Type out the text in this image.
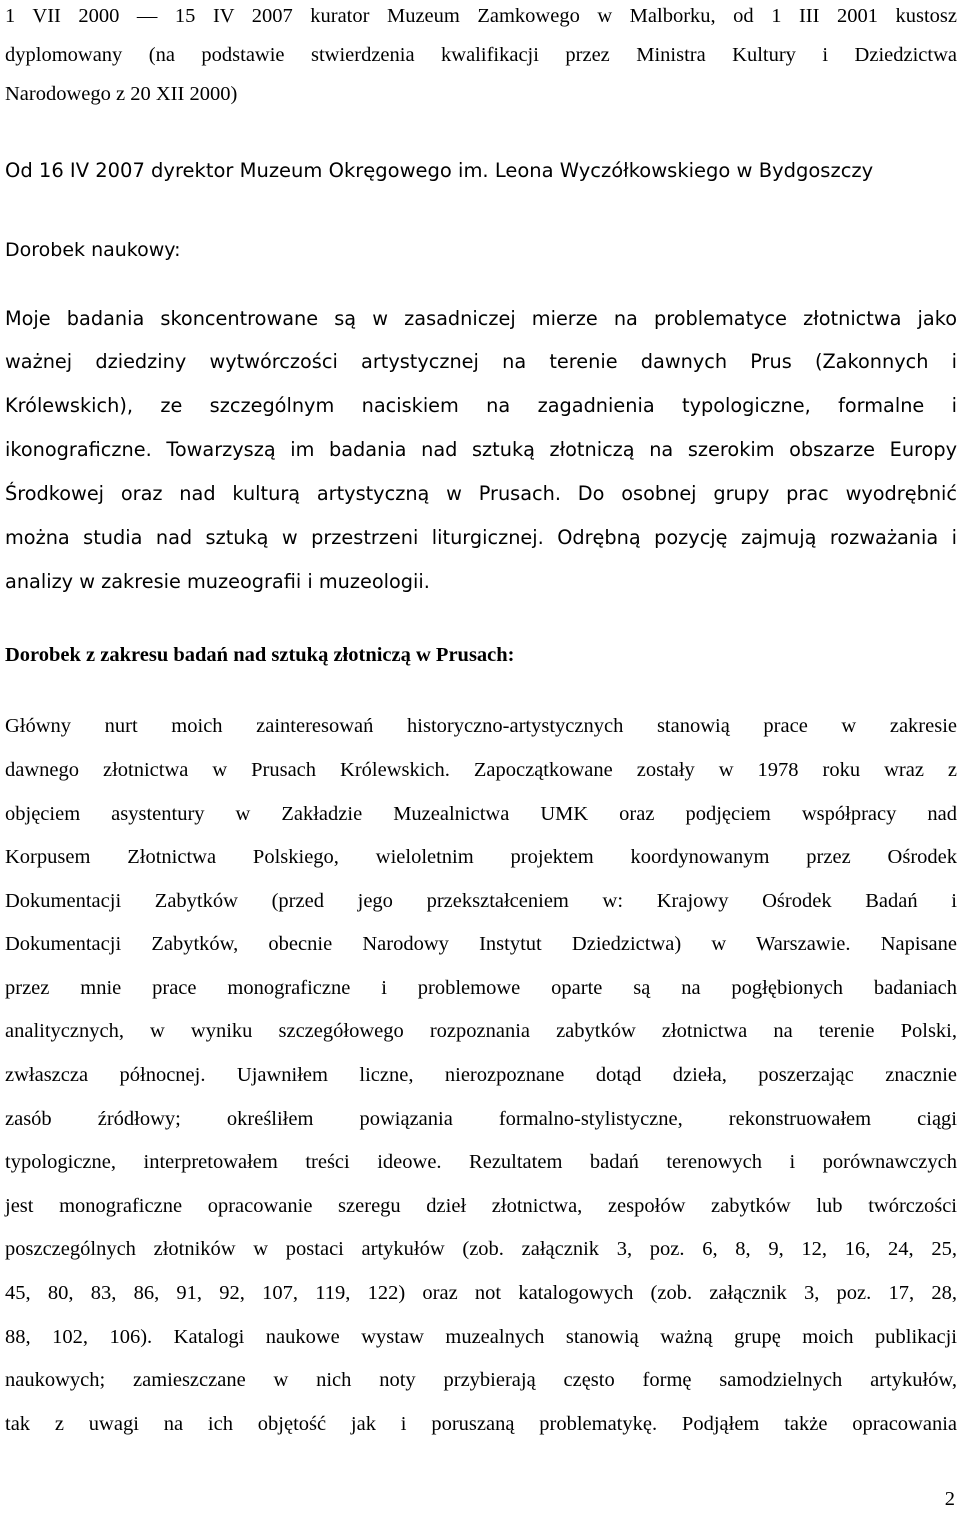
1 VII 2000 — 15 IV 2007 kurator Muzeum Zamkowego w Malborku, od 1 III 2001 kustosz
dyplomowany (na podstawie stwierdzenia kwalifikacji przez Ministra Kultury i Dziedzictwa
Narodowego z 20 XII 2000)
Od 16 IV 2007 dyrektor Muzeum Okręgowego im. Leona Wyczółkowskiego w Bydgoszczy
Dorobek naukowy:
Moje badania skoncentrowane są w zasadniczej mierze na problematyce złotnictwa jako
ważnej dziedziny wytwórczości artystycznej na terenie dawnych Prus (Zakonnych i
Królewskich), ze szczególnym naciskiem na zagadnienia typologiczne, formalne i
ikonograficzne. Towarzyszą im badania nad sztuką złotniczą na szerokim obszarze Europy
Środkowej oraz nad kulturą artystyczną w Prusach. Do osobnej grupy prac wyodrębnić
można studia nad sztuką w przestrzeni liturgicznej. Odrębną pozycję zajmują rozważania i
analizy w zakresie muzeografii i muzeologii.
Dorobek z zakresu badań nad sztuką złotniczą w Prusach:
Główny nurt moich zainteresowań historyczno-artystycznych stanowią prace w zakresie
dawnego złotnictwa w Prusach Królewskich. Zapoczątkowane zostały w 1978 roku wraz z
objęciem asystentury w Zakładzie Muzealnictwa UMK oraz podjęciem współpracy nad
Korpusem Złotnictwa Polskiego, wieloletnim projektem koordynowanym przez Ośrodek
Dokumentacji Zabytków (przed jego przekształceniem w: Krajowy Ośrodek Badań i
Dokumentacji Zabytków, obecnie Narodowy Instytut Dziedzictwa) w Warszawie. Napisane
przez mnie prace monograficzne i problemowe oparte są na pogłębionych badaniach
analitycznych, w wyniku szczegółowego rozpoznania zabytków złotnictwa na terenie Polski,
zwłaszcza północnej. Ujawniłem liczne, nierozpoznane dotąd dzieła, poszerzając znacznie
zasób źródłowy; określiłem powiązania formalno-stylistyczne, rekonstruowałem ciągi
typologiczne, interpretowałem treści ideowe. Rezultatem badań terenowych i porównawczych
jest monograficzne opracowanie szeregu dzieł złotnictwa, zespołów zabytków lub twórczości
poszczególnych złotników w postaci artykułów (zob. załącznik 3, poz. 6, 8, 9, 12, 16, 24, 25,
45, 80, 83, 86, 91, 92, 107, 119, 122) oraz not katalogowych (zob. załącznik 3, poz. 17, 28,
88, 102, 106). Katalogi naukowe wystaw muzealnych stanowią ważną grupę moich publikacji
naukowych; zamieszczane w nich noty przybierają często formę samodzielnych artykułów,
tak z uwagi na ich objętość jak i poruszaną problematykę. Podjąłem także opracowania
2
